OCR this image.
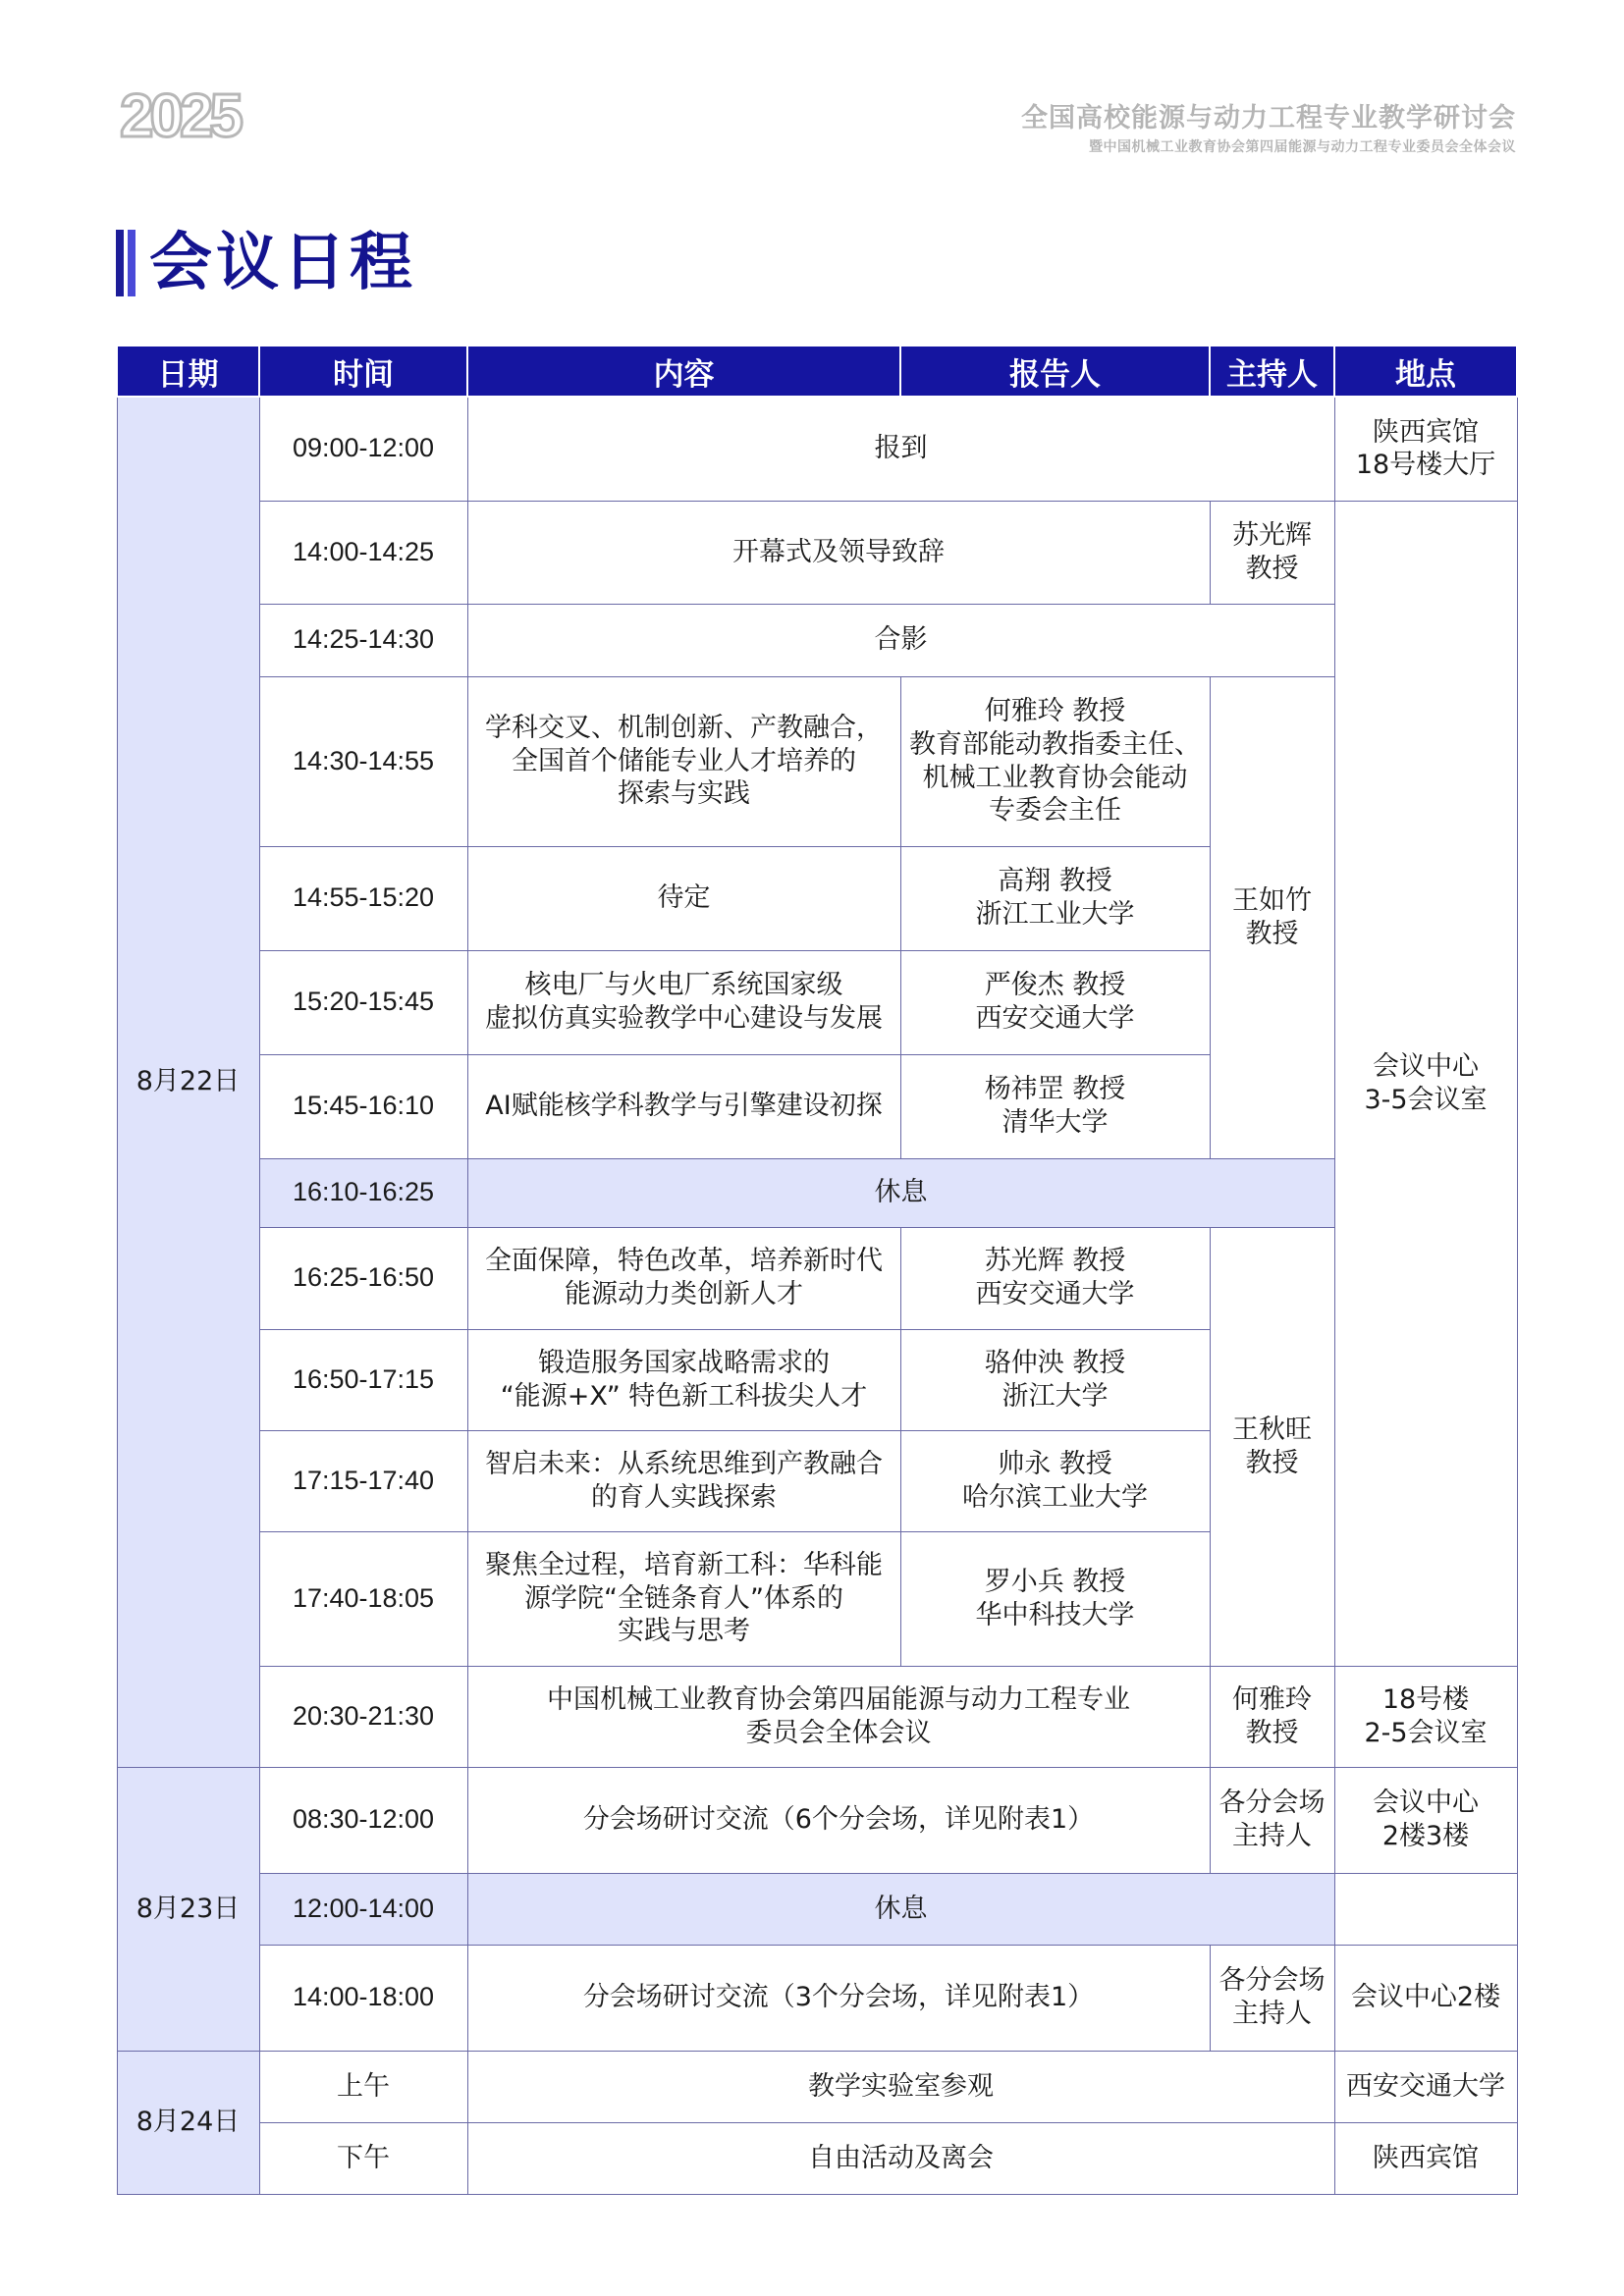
2025	全国高校能源与动力工程专业教学研讨会
暨中国机械工业教育协会第四届能源与动力工程专业委员会全体会议
会议日程
日期	时间	内容	报告人	主持人	地点
8月22日	09:00-12:00	报到			陕西宾馆
18号楼大厅
	14:00-14:25	开幕式及领导致辞		苏光辉
教授	会议中心
3-5会议室
	14:25-14:30	合影			
	14:30-14:55	学科交叉、机制创新、产教融合，
全国首个储能专业人才培养的
探索与实践	何雅玲 教授
教育部能动教指委主任、
机械工业教育协会能动
专委会主任	王如竹
教授	
	14:55-15:20	待定	高翔 教授
浙江工业大学		
	15:20-15:45	核电厂与火电厂系统国家级
虚拟仿真实验教学中心建设与发展	严俊杰 教授
西安交通大学		
	15:45-16:10	AI赋能核学科教学与引擎建设初探	杨祎罡 教授
清华大学		
	16:10-16:25	休息			
	16:25-16:50	全面保障，特色改革，培养新时代
能源动力类创新人才	苏光辉 教授
西安交通大学	王秋旺
教授	
	16:50-17:15	锻造服务国家战略需求的
“能源+X” 特色新工科拔尖人才	骆仲泱 教授
浙江大学		
	17:15-17:40	智启未来：从系统思维到产教融合
的育人实践探索	帅永 教授
哈尔滨工业大学		
	17:40-18:05	聚焦全过程，培育新工科：华科能
源学院“全链条育人”体系的
实践与思考	罗小兵 教授
华中科技大学		
	20:30-21:30	中国机械工业教育协会第四届能源与动力工程专业
委员会全体会议		何雅玲
教授	18号楼
2-5会议室
8月23日	08:30-12:00	分会场研讨交流（6个分会场，详见附表1）		各分会场
主持人	会议中心
2楼3楼
	12:00-14:00	休息			
	14:00-18:00	分会场研讨交流（3个分会场，详见附表1）		各分会场
主持人	会议中心2楼
8月24日	上午	教学实验室参观			西安交通大学
	下午	自由活动及离会			陕西宾馆
